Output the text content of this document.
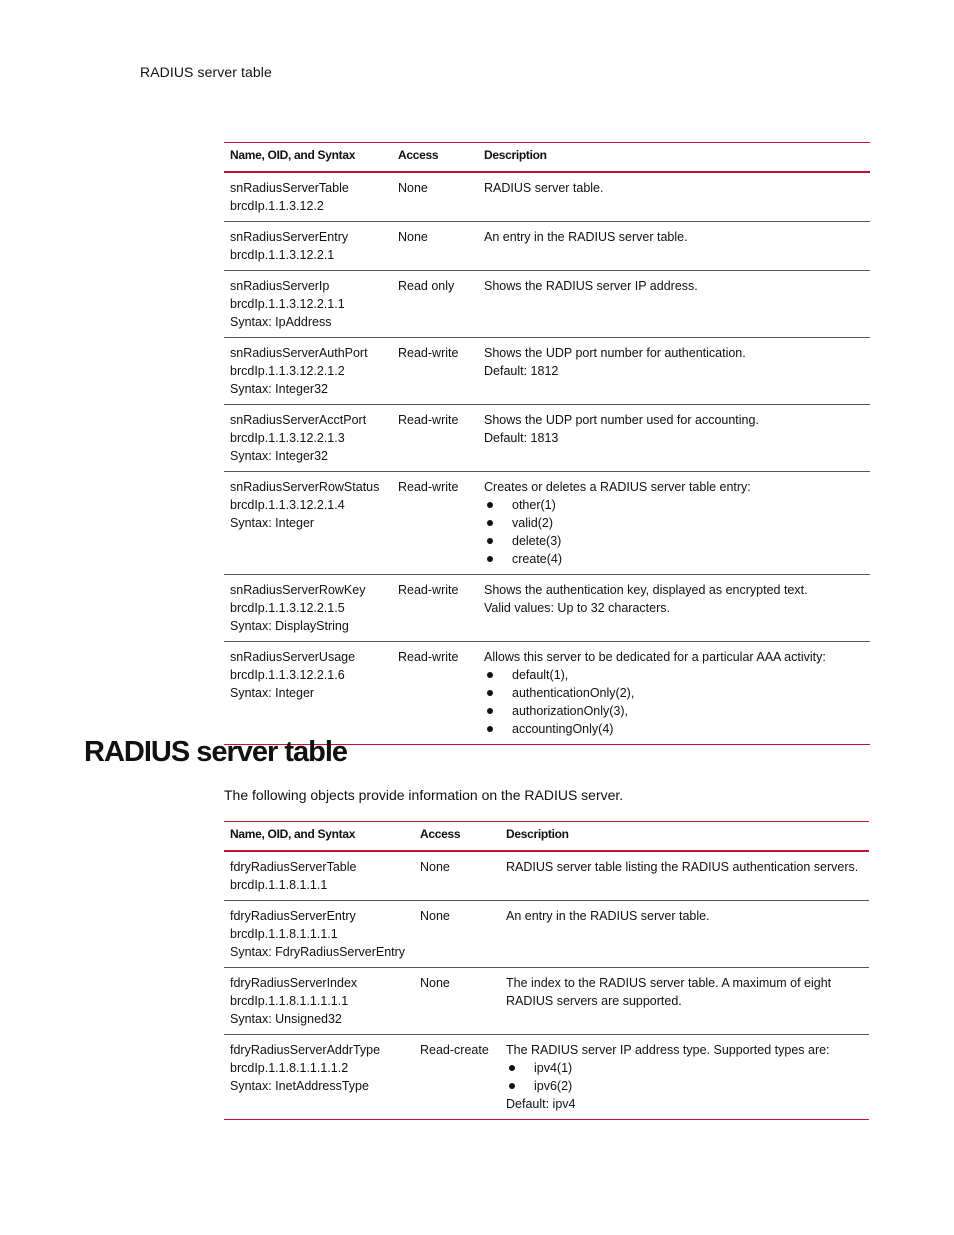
RADIUS server table
Name, OID, and Syntax	Access	Description

snRadiusServerTable
brcdIp.1.1.3.12.2	None	RADIUS server table.

snRadiusServerEntry
brcdIp.1.1.3.12.2.1	None	An entry in the RADIUS server table.

snRadiusServerIp
brcdIp.1.1.3.12.2.1.1
Syntax: IpAddress	Read only	Shows the RADIUS server IP address.

snRadiusServerAuthPort
brcdIp.1.1.3.12.2.1.2
Syntax: Integer32	Read-write	Shows the UDP port number for authentication.
Default: 1812

snRadiusServerAcctPort
brcdIp.1.1.3.12.2.1.3
Syntax: Integer32	Read-write	Shows the UDP port number used for accounting.
Default: 1813

snRadiusServerRowStatus
brcdIp.1.1.3.12.2.1.4
Syntax: Integer	Read-write	Creates or deletes a RADIUS server table entry:
other(1)
valid(2)
delete(3)
create(4)

snRadiusServerRowKey
brcdIp.1.1.3.12.2.1.5
Syntax: DisplayString	Read-write	Shows the authentication key, displayed as encrypted text.
Valid values: Up to 32 characters.

snRadiusServerUsage
brcdIp.1.1.3.12.2.1.6
Syntax: Integer	Read-write	Allows this server to be dedicated for a particular AAA activity:
default(1),
authenticationOnly(2),
authorizationOnly(3),
accountingOnly(4)
RADIUS server table

The following objects provide information on the RADIUS server.

Name, OID, and Syntax	Access	Description

fdryRadiusServerTable
brcdIp.1.1.8.1.1.1	None	RADIUS server table listing the RADIUS authentication servers.

fdryRadiusServerEntry
brcdIp.1.1.8.1.1.1.1
Syntax: FdryRadiusServerEntry	None	An entry in the RADIUS server table.

fdryRadiusServerIndex
brcdIp.1.1.8.1.1.1.1.1
Syntax: Unsigned32	None	The index to the RADIUS server table. A maximum of eight
RADIUS servers are supported.

fdryRadiusServerAddrType
brcdIp.1.1.8.1.1.1.1.2
Syntax: InetAddressType	Read-create	The RADIUS server IP address type. Supported types are:
ipv4(1)
ipv6(2)
Default: ipv4
